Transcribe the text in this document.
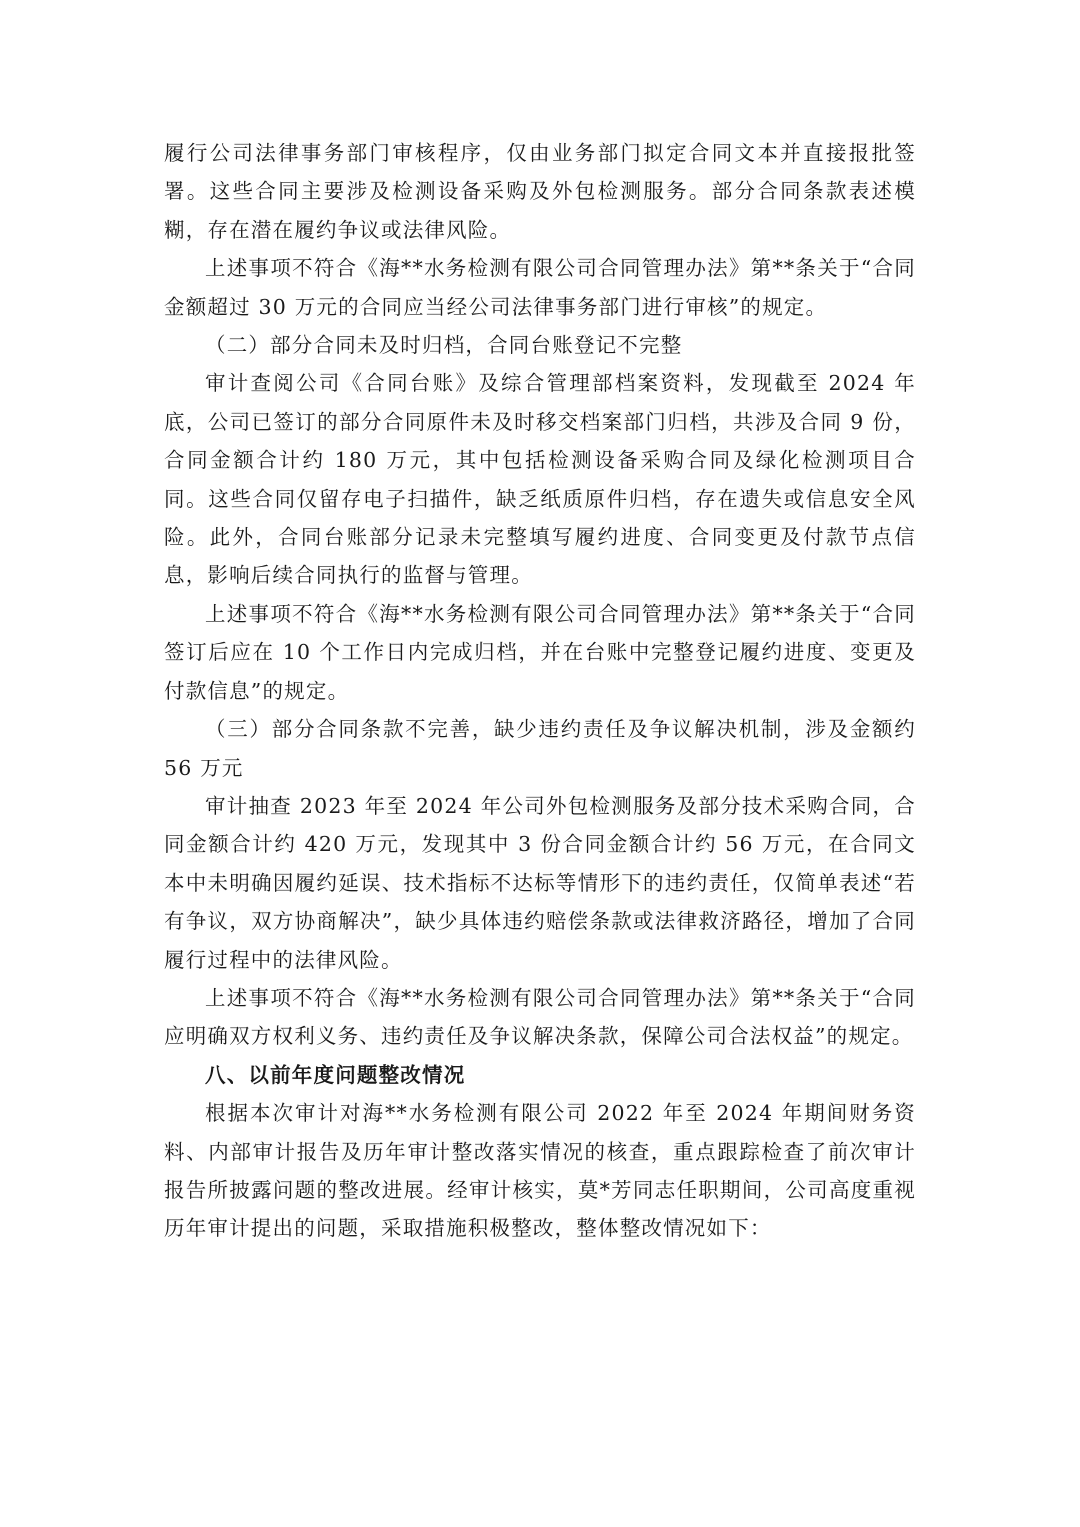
履行公司法律事务部门审核程序，仅由业务部门拟定合同文本并直接报批签署。这些合同主要涉及检测设备采购及外包检测服务。部分合同条款表述模糊，存在潜在履约争议或法律风险。

上述事项不符合《海**水务检测有限公司合同管理办法》第**条关于“合同金额超过 30 万元的合同应当经公司法律事务部门进行审核”的规定。

（二）部分合同未及时归档，合同台账登记不完整

审计查阅公司《合同台账》及综合管理部档案资料，发现截至 2024 年底，公司已签订的部分合同原件未及时移交档案部门归档，共涉及合同 9 份，合同金额合计约 180 万元，其中包括检测设备采购合同及绿化检测项目合同。这些合同仅留存电子扫描件，缺乏纸质原件归档，存在遗失或信息安全风险。此外，合同台账部分记录未完整填写履约进度、合同变更及付款节点信息，影响后续合同执行的监督与管理。

上述事项不符合《海**水务检测有限公司合同管理办法》第**条关于“合同签订后应在 10 个工作日内完成归档，并在台账中完整登记履约进度、变更及付款信息”的规定。

（三）部分合同条款不完善，缺少违约责任及争议解决机制，涉及金额约 56 万元

审计抽查 2023 年至 2024 年公司外包检测服务及部分技术采购合同，合同金额合计约 420 万元，发现其中 3 份合同金额合计约 56 万元，在合同文本中未明确因履约延误、技术指标不达标等情形下的违约责任，仅简单表述“若有争议，双方协商解决”，缺少具体违约赔偿条款或法律救济路径，增加了合同履行过程中的法律风险。

上述事项不符合《海**水务检测有限公司合同管理办法》第**条关于“合同应明确双方权利义务、违约责任及争议解决条款，保障公司合法权益”的规定。

八、以前年度问题整改情况

根据本次审计对海**水务检测有限公司 2022 年至 2024 年期间财务资料、内部审计报告及历年审计整改落实情况的核查，重点跟踪检查了前次审计报告所披露问题的整改进展。经审计核实，莫*芳同志任职期间，公司高度重视历年审计提出的问题，采取措施积极整改，整体整改情况如下：
